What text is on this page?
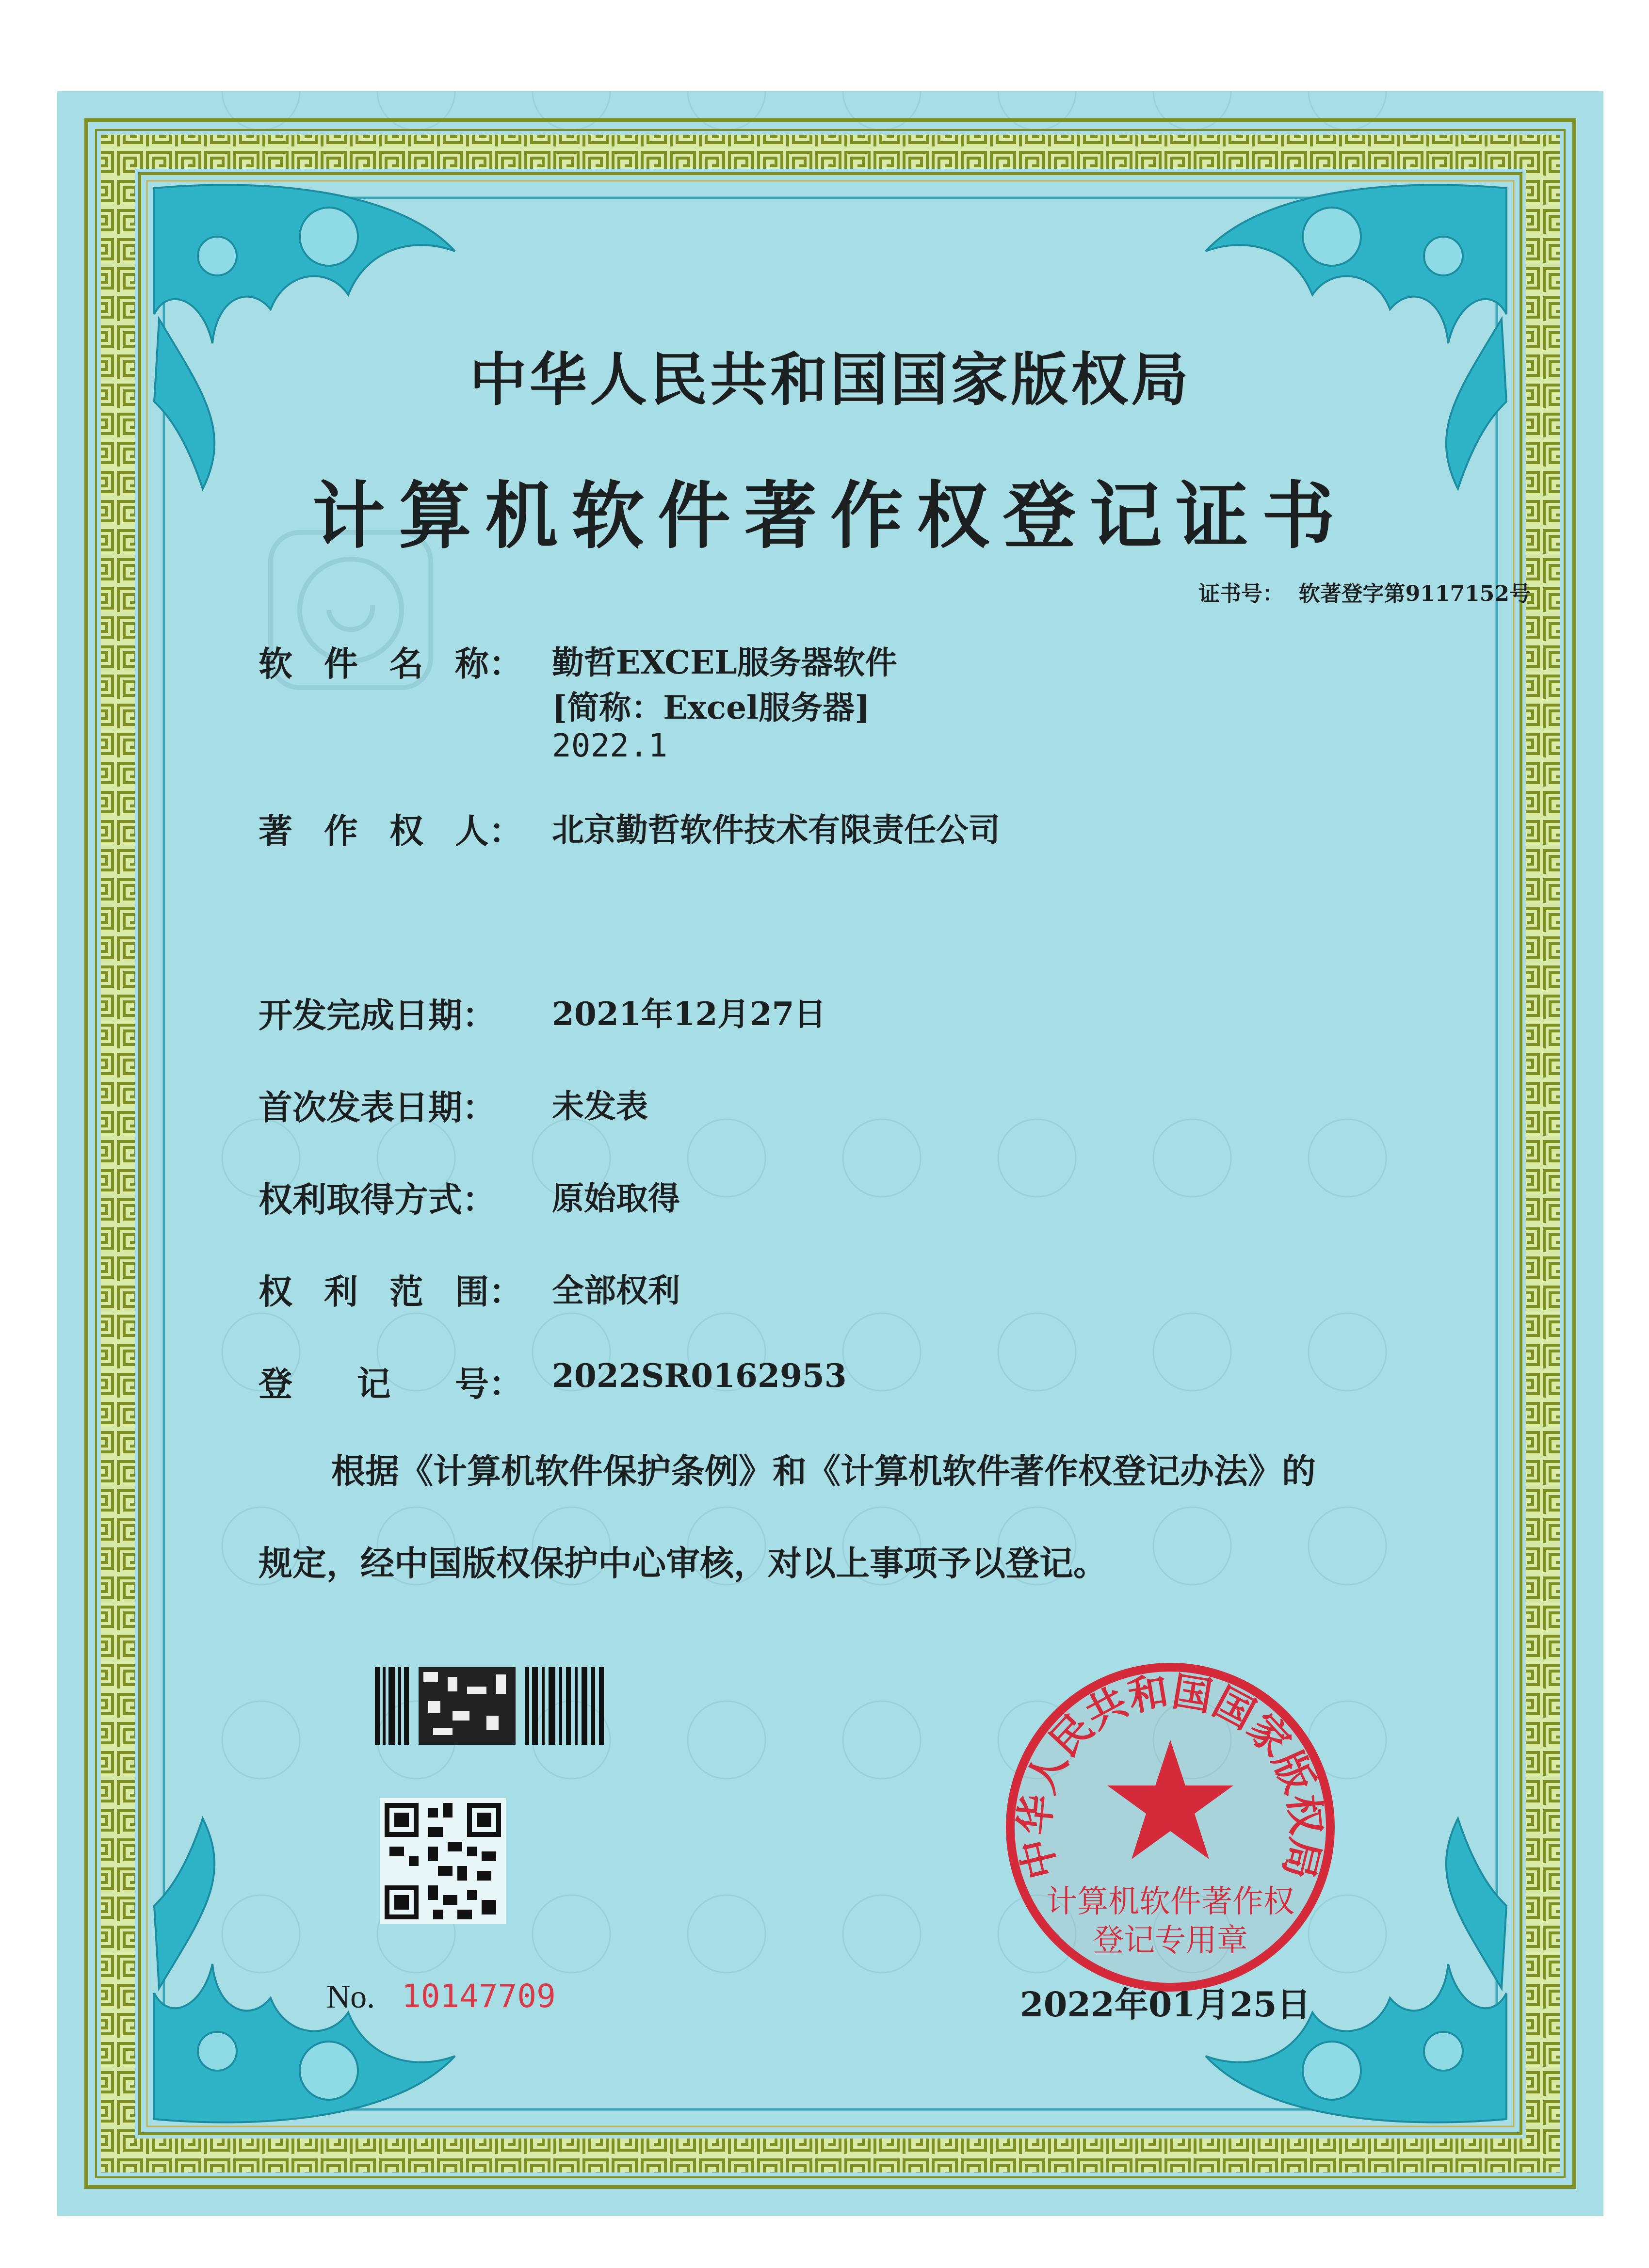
中华人民共和国国家版权局
计算机软件著作权登记证书
证书号： 软著登字第9117152号
软 件 名 称： 勤哲EXCEL服务器软件
[简称：Excel服务器]
2022.1
著 作 权 人： 北京勤哲软件技术有限责任公司
开发完成日期：	2021年12月27日
首次发表日期：	未发表
权利取得方式：	原始取得
权 利 范 围： 全部权利
登 记 号： 2022SR0162953
根据《计算机软件保护条例》和《计算机软件著作权登记办法》的
规定，经中国版权保护中心审核，对以上事项予以登记。
No. 10147709
中华人民共和国国家版权局
计算机软件著作权
登记专用章
2022年01月25日
